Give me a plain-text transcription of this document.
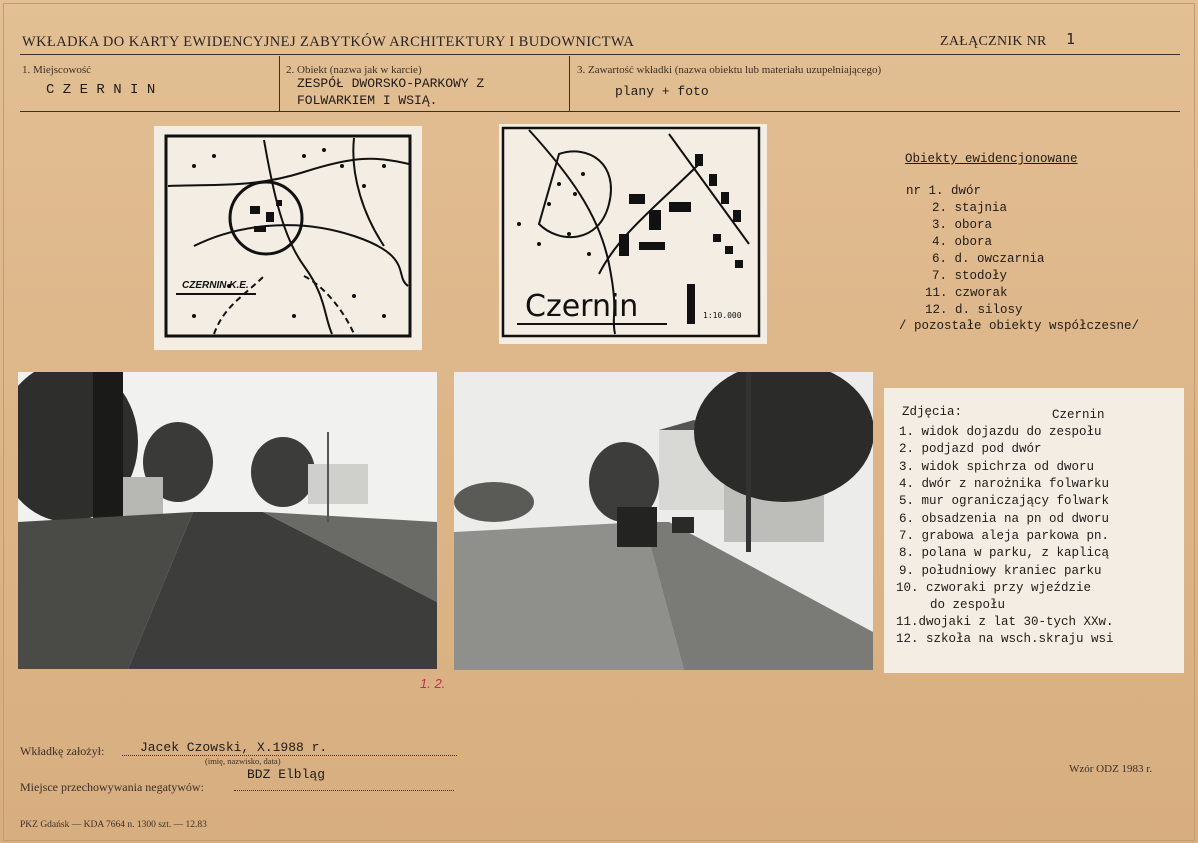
WKŁADKA DO KARTY EWIDENCYJNEJ ZABYTKÓW ARCHITEKTURY I BUDOWNICTWA	ZAŁĄCZNIK NR 1
1. Miejscowość
C Z E R N I N
2. Obiekt (nazwa jak w karcie)
ZESPÓŁ DWORSKO-PARKOWY Z
FOLWARKIEM I WSIĄ.
3. Zawartość wkładki (nazwa obiektu lub materiału uzupełniającego)
plany + foto
CZERNIN K.E.
Czernin	1:10.000
Obiekty ewidencjonowane
nr 1. dwór
2. stajnia
3. obora
4. obora
6. d. owczarnia
7. stodoły
11. czworak
12. d. silosy
/ pozostałe obiekty współczesne/
Zdjęcia:	Czernin
1. widok dojazdu do zespołu
2. podjazd pod dwór
3. widok spichrza od dworu
4. dwór z narożnika folwarku
5. mur ograniczający folwark
6. obsadzenia na pn od dworu
7. grabowa aleja parkowa pn.
8. polana w parku, z kaplicą
9. południowy kraniec parku
10. czworaki przy wjeździe
do zespołu
11.dwojaki z lat 30-tych XXw.
12. szkoła na wsch.skraju wsi
1. 2.
Wkładkę założył:	Jacek Czowski, X.1988 r.
(imię, nazwisko, data)
Miejsce przechowywania negatywów:
BDZ Elbląg	Wzór ODZ 1983 r.
PKZ Gdańsk — KDA 7664 n. 1300 szt. — 12.83
